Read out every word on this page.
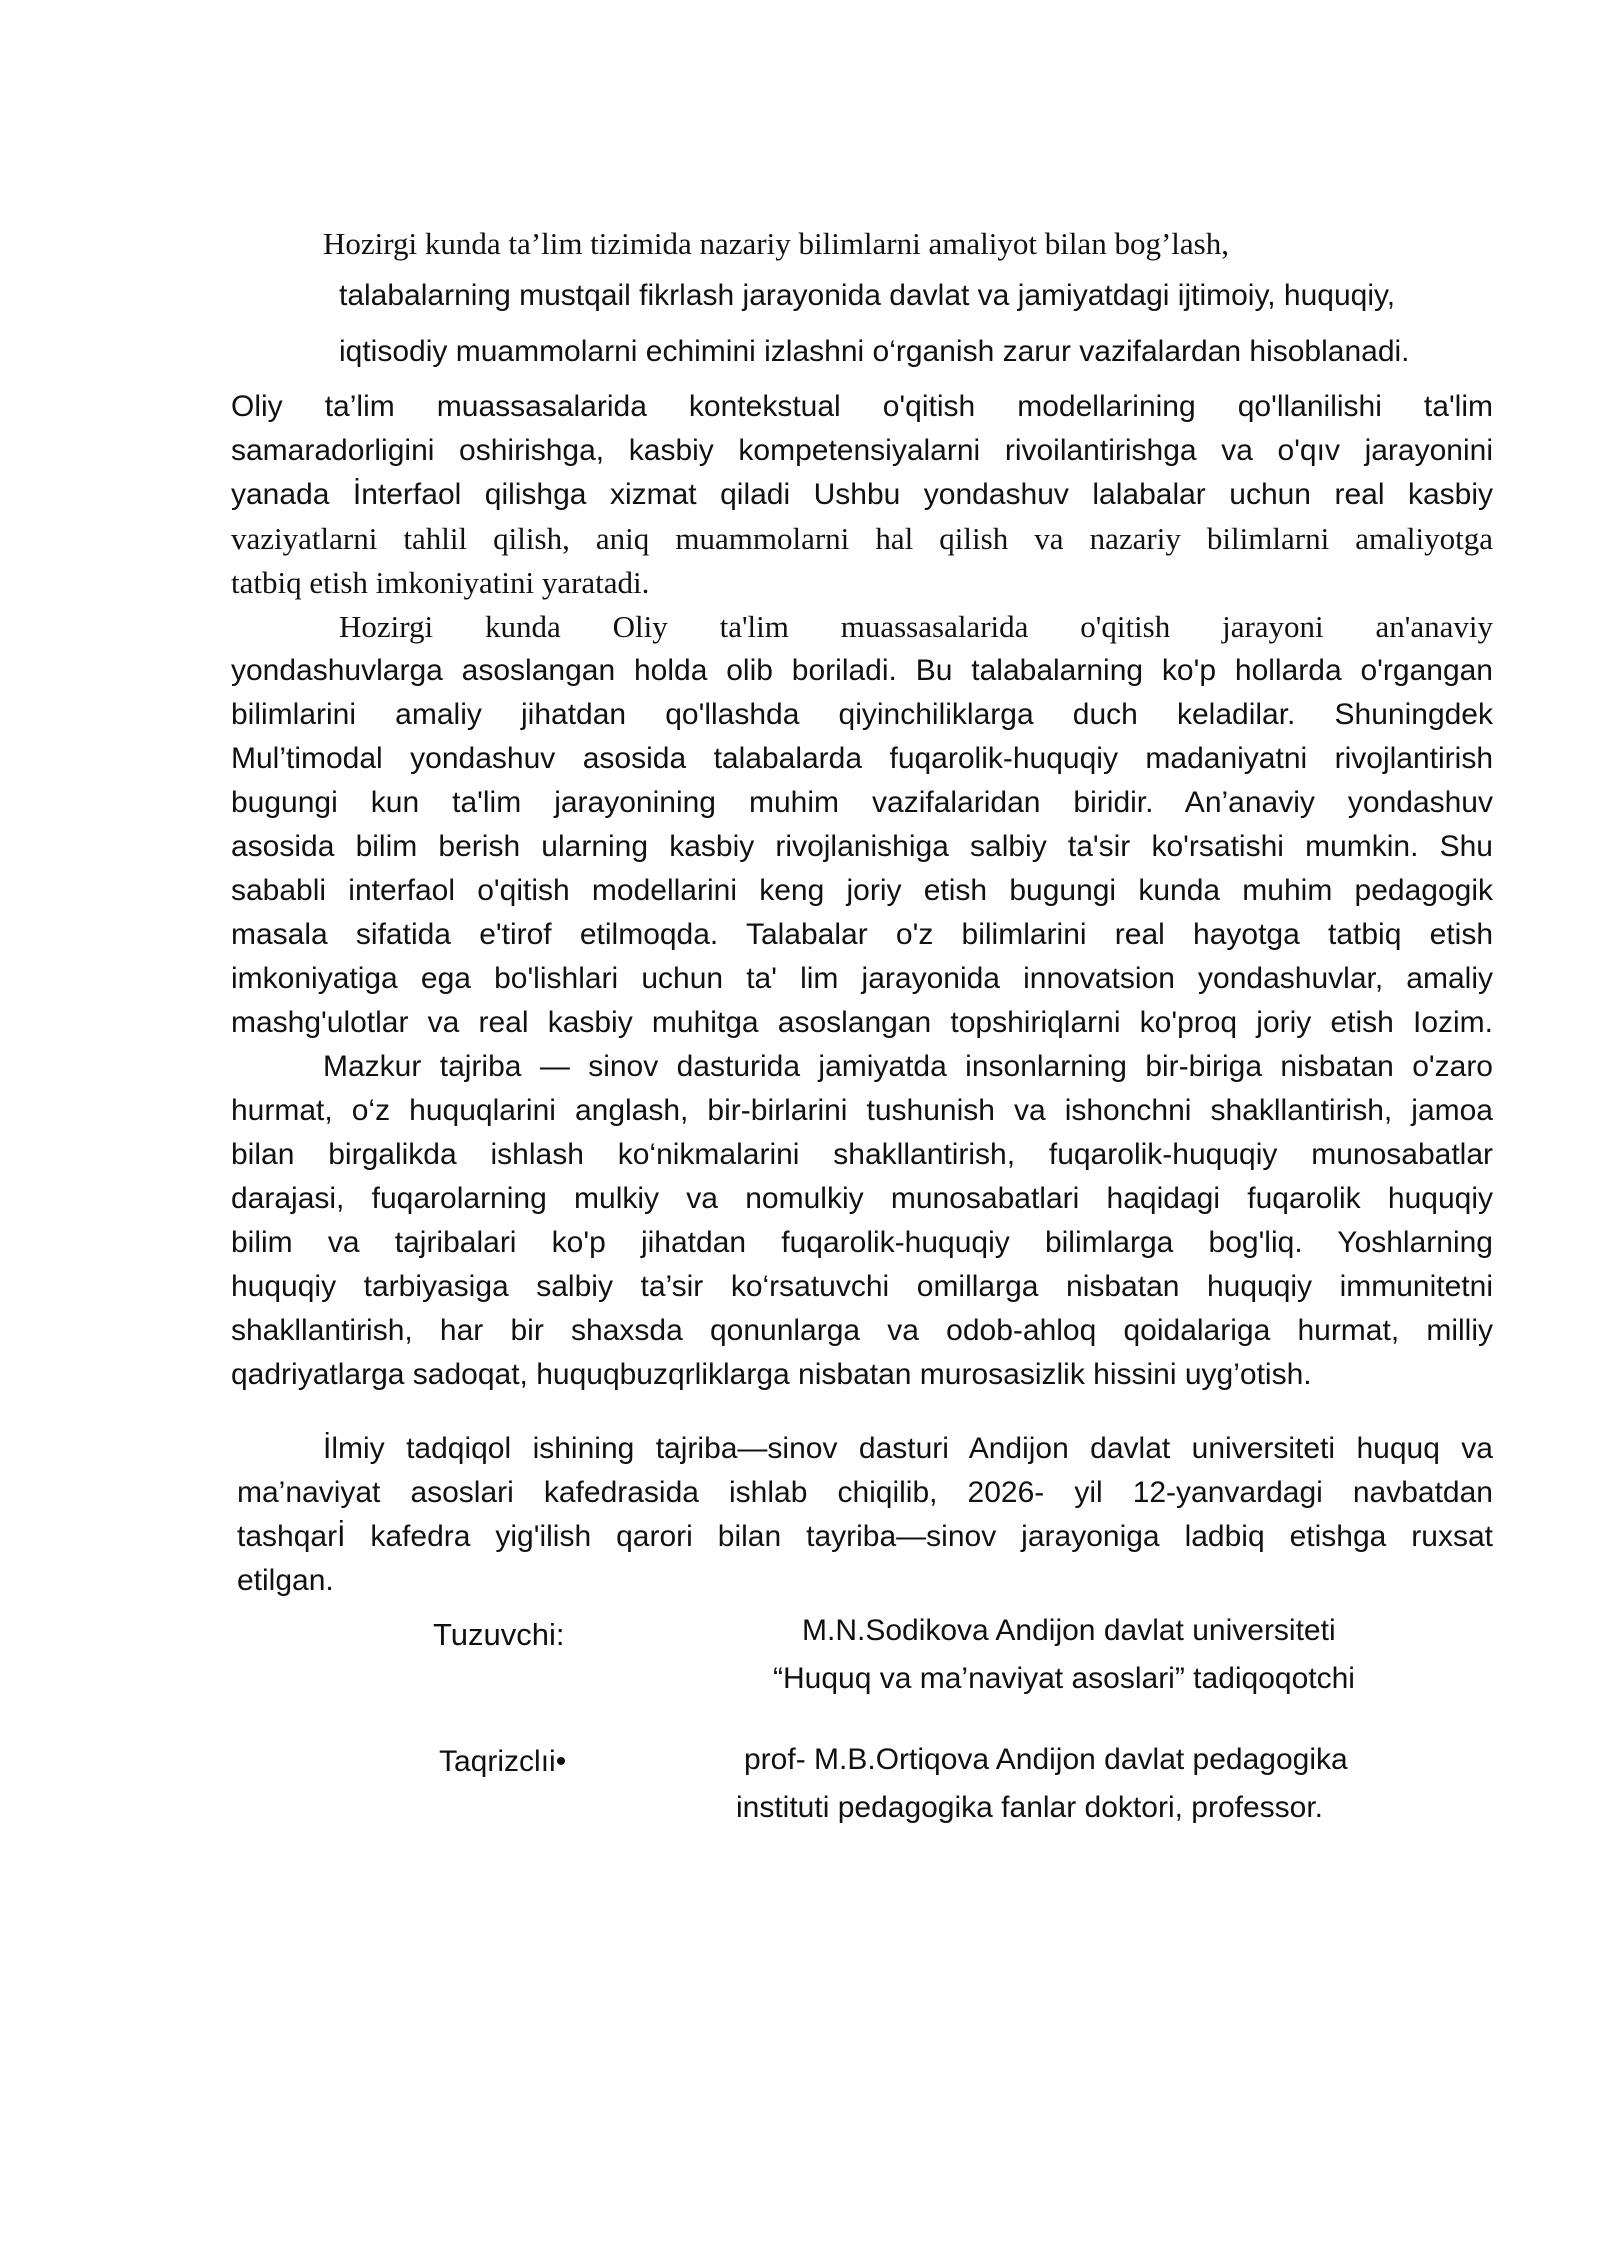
Hozirgi kunda ta’lim tizimida nazariy bilimlarni amaliyot bilan bog’lash,
talabalarning mustqail fikrlash jarayonida davlat va jamiyatdagi ijtimoiy, huquqiy,
iqtisodiy muammolarni echimini izlashni o‘rganish zarur vazifalardan hisoblanadi.
Oliy ta’lim muassasalarida kontekstual o'qitish modellarining qo'llanilishi ta'lim
samaradorligini oshirishga, kasbiy kompetensiyalarni rivoilantirishga va o'qıv jarayonini
yanada İnterfaol qilishga xizmat qiladi Ushbu yondashuv lalabalar uchun real kasbiy
vaziyatlarni tahlil qilish, aniq muammolarni hal qilish va nazariy bilimlarni amaliyotga
tatbiq etish imkoniyatini yaratadi.
Hozirgi kunda Oliy ta'lim muassasalarida o'qitish jarayoni an'anaviy
yondashuvlarga asoslangan holda olib boriladi. Bu talabalarning ko'p hollarda o'rgangan
bilimlarini amaliy jihatdan qo'llashda qiyinchiliklarga duch keladilar. Shuningdek
Mul’timodal yondashuv asosida talabalarda fuqarolik-huquqiy madaniyatni rivojlantirish
bugungi kun ta'lim jarayonining muhim vazifalaridan biridir. An’anaviy yondashuv
asosida bilim berish ularning kasbiy rivojlanishiga salbiy ta'sir ko'rsatishi mumkin. Shu
sababli interfaol o'qitish modellarini keng joriy etish bugungi kunda muhim pedagogik
masala sifatida e'tirof etilmoqda. Talabalar o'z bilimlarini real hayotga tatbiq etish
imkoniyatiga ega bo'lishlari uchun ta' lim jarayonida innovatsion yondashuvlar, amaliy
mashg'ulotlar va real kasbiy muhitga asoslangan topshiriqlarni ko'proq joriy etish Iozim.
Mazkur tajriba — sinov dasturida jamiyatda insonlarning bir-biriga nisbatan o'zaro
hurmat, o‘z huquqlarini anglash, bir-birlarini tushunish va ishonchni shakllantirish, jamoa
bilan birgalikda ishlash ko‘nikmalarini shakllantirish, fuqarolik-huquqiy munosabatlar
darajasi, fuqarolarning mulkiy va nomulkiy munosabatlari haqidagi fuqarolik huquqiy
bilim va tajribalari ko'p jihatdan fuqarolik-huquqiy bilimlarga bog'liq. Yoshlarning
huquqiy tarbiyasiga salbiy ta’sir ko‘rsatuvchi omillarga nisbatan huquqiy immunitetni
shakllantirish, har bir shaxsda qonunlarga va odob-ahloq qoidalariga hurmat, milliy
qadriyatlarga sadoqat, huquqbuzqrliklarga nisbatan murosasizlik hissini uyg’otish.
İlmiy tadqiqol ishining tajriba—sinov dasturi Andijon davlat universiteti huquq va
ma’naviyat asoslari kafedrasida ishlab chiqilib, 2026- yil 12-yanvardagi navbatdan
tashqarİ kafedra yig'ilish qarori bilan tayriba—sinov jarayoniga ladbiq etishga ruxsat
etilgan.
Tuzuvchi:	M.N.Sodikova Andijon davlat universiteti
“Huquq va ma’naviyat asoslari” tadiqoqotchi
Taqrizclıi•	prof- M.B.Ortiqova Andijon davlat pedagogika
instituti pedagogika fanlar doktori, professor.
